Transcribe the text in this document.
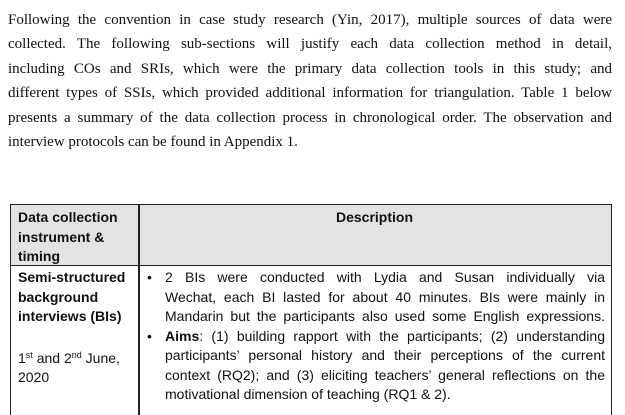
Following the convention in case study research (Yin, 2017), multiple sources of data were
collected. The following sub-sections will justify each data collection method in detail,
including COs and SRIs, which were the primary data collection tools in this study; and
different types of SSIs, which provided additional information for triangulation. Table 1 below
presents a summary of the data collection process in chronological order. The observation and
interview protocols can be found in Appendix 1.
Data collection instrument & timing
Description
Semi-structured background interviews (BIs)
1st and 2nd June, 2020
• 2 BIs were conducted with Lydia and Susan individually via
Wechat, each BI lasted for about 40 minutes. BIs were mainly in
Mandarin but the participants also used some English expressions.
• Aims: (1) building rapport with the participants; (2) understanding
participants’ personal history and their perceptions of the current
context (RQ2); and (3) eliciting teachers’ general reflections on the
motivational dimension of teaching (RQ1 & 2).
